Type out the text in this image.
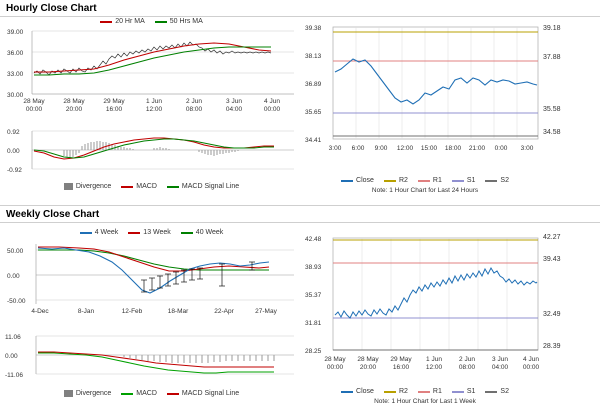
Hourly Close Chart
20 Hr MA	50 Hrs MA
39.00
36.00
33.00
30.00
28 May
00:00
28 May
20:00
29 May
16:00
1 Jun
12:00
2 Jun
08:00
3 Jun
04:00
4 Jun
00:00
0.92
0.00
-0.92
Divergence	MACD	MACD Signal Line
39.38
38.13
36.89
35.65
34.41
39.18
37.88
35.58
34.58
3:00 6:00 9:00 12:00 15:00 18:00 21:00 0:00 3:00
Close	R2	R1	S1	S2
Note: 1 Hour Chart for Last 24 Hours
Weekly Close Chart
4 Week	13 Week	40 Week
50.00
0.00
-50.00
4-Dec	8-Jan	12-Feb	18-Mar	22-Apr	27-May
11.06
0.00
-11.06
Divergence	MACD	MACD Signal Line
42.48
38.93
35.37
31.81
28.25
42.27
39.43
32.49
28.39
28 May
00:00
28 May
20:00
29 May
16:00
1 Jun
12:00
2 Jun
08:00
3 Jun
04:00
4 Jun
00:00
Close	R2	R1	S1	S2
Note: 1 Hour Chart for Last 1 Week
